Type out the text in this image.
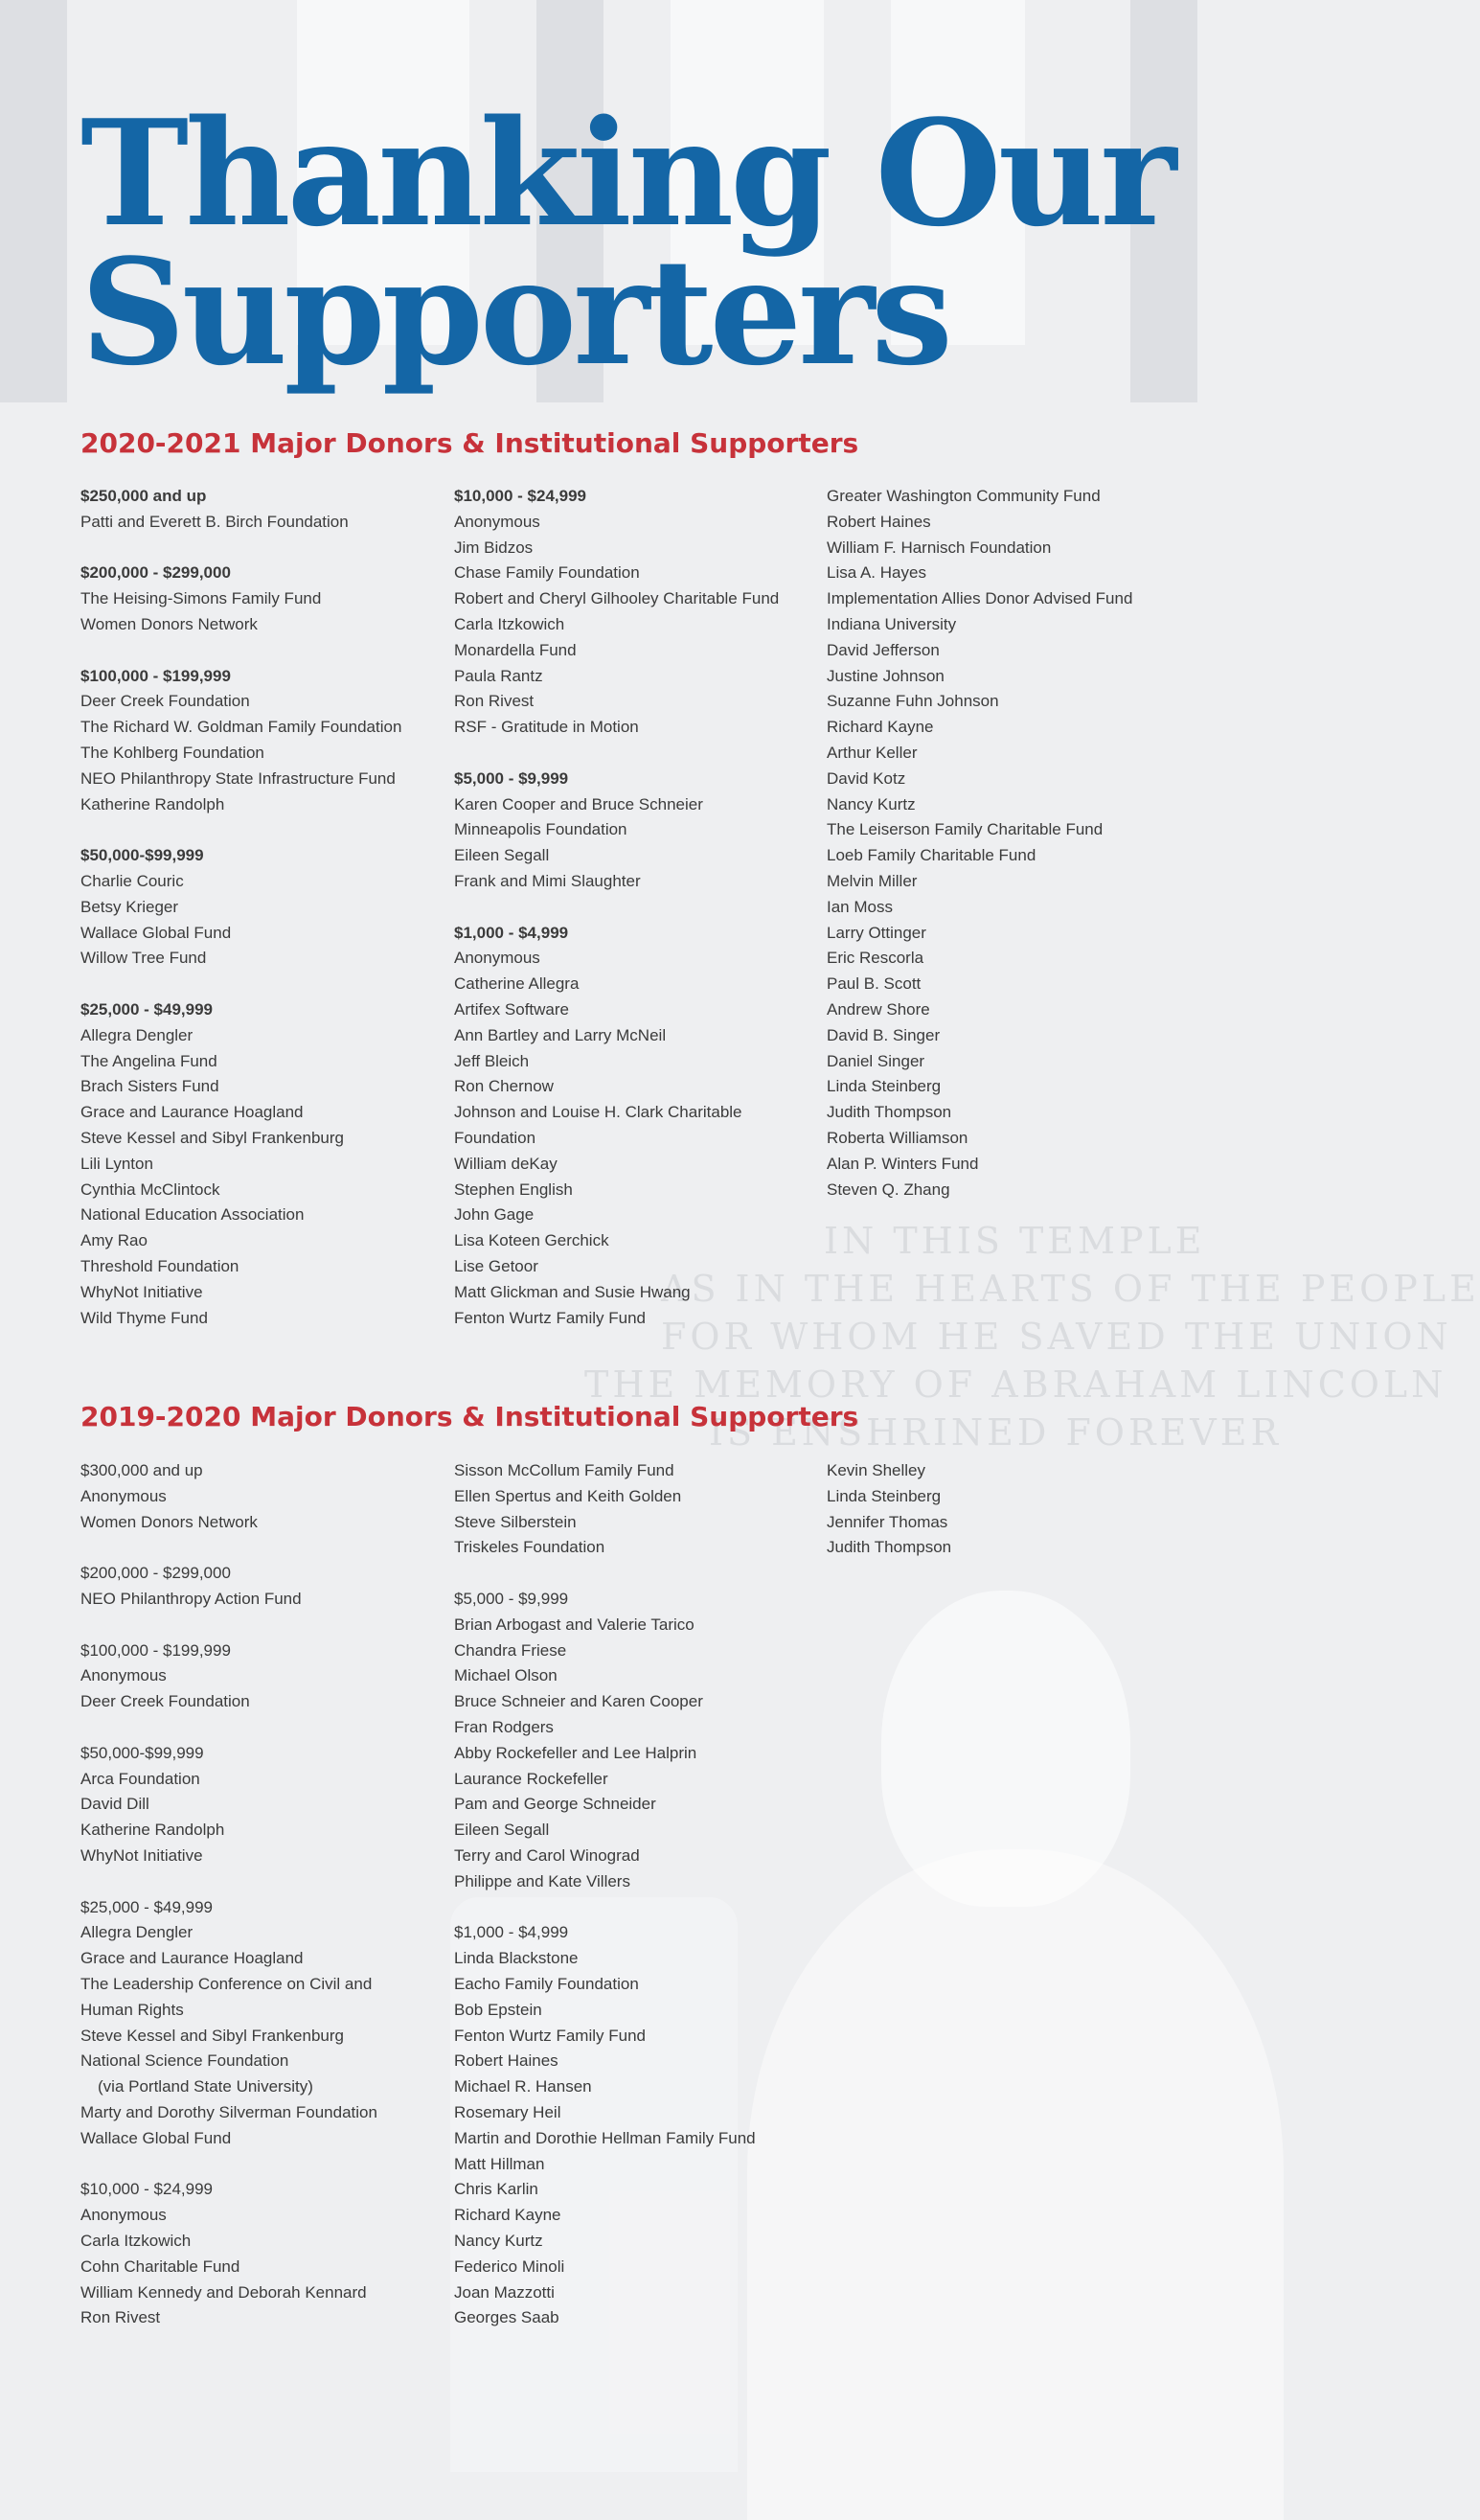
IN THIS TEMPLE
AS IN THE HEARTS OF THE PEOPLE
FOR WHOM HE SAVED THE UNION
THE MEMORY OF ABRAHAM LINCOLN
IS ENSHRINED FOREVER
Thanking Our
Supporters
2020-2021 Major Donors & Institutional Supporters
$250,000 and up
Patti and Everett B. Birch Foundation
$200,000 - $299,000
The Heising-Simons Family Fund
Women Donors Network
$100,000 - $199,999
Deer Creek Foundation
The Richard W. Goldman Family Foundation
The Kohlberg Foundation
NEO Philanthropy State Infrastructure Fund
Katherine Randolph
$50,000-$99,999
Charlie Couric
Betsy Krieger
Wallace Global Fund
Willow Tree Fund
$25,000 - $49,999
Allegra Dengler
The Angelina Fund
Brach Sisters Fund
Grace and Laurance Hoagland
Steve Kessel and Sibyl Frankenburg
Lili Lynton
Cynthia McClintock
National Education Association
Amy Rao
Threshold Foundation
WhyNot Initiative
Wild Thyme Fund
$10,000 - $24,999
Anonymous
Jim Bidzos
Chase Family Foundation
Robert and Cheryl Gilhooley Charitable Fund
Carla Itzkowich
Monardella Fund
Paula Rantz
Ron Rivest
RSF - Gratitude in Motion
$5,000 - $9,999
Karen Cooper and Bruce Schneier
Minneapolis Foundation
Eileen Segall
Frank and Mimi Slaughter
$1,000 - $4,999
Anonymous
Catherine Allegra
Artifex Software
Ann Bartley and Larry McNeil
Jeff Bleich
Ron Chernow
Johnson and Louise H. Clark Charitable
Foundation
William deKay
Stephen English
John Gage
Lisa Koteen Gerchick
Lise Getoor
Matt Glickman and Susie Hwang
Fenton Wurtz Family Fund
Greater Washington Community Fund
Robert Haines
William F. Harnisch Foundation
Lisa A. Hayes
Implementation Allies Donor Advised Fund
Indiana University
David Jefferson
Justine Johnson
Suzanne Fuhn Johnson
Richard Kayne
Arthur Keller
David Kotz
Nancy Kurtz
The Leiserson Family Charitable Fund
Loeb Family Charitable Fund
Melvin Miller
Ian Moss
Larry Ottinger
Eric Rescorla
Paul B. Scott
Andrew Shore
David B. Singer
Daniel Singer
Linda Steinberg
Judith Thompson
Roberta Williamson
Alan P. Winters Fund
Steven Q. Zhang
2019-2020 Major Donors & Institutional Supporters
$300,000 and up
Anonymous
Women Donors Network
$200,000 - $299,000
NEO Philanthropy Action Fund
$100,000 - $199,999
Anonymous
Deer Creek Foundation
$50,000-$99,999
Arca Foundation
David Dill
Katherine Randolph
WhyNot Initiative
$25,000 - $49,999
Allegra Dengler
Grace and Laurance Hoagland
The Leadership Conference on Civil and
Human Rights
Steve Kessel and Sibyl Frankenburg
National Science Foundation
(via Portland State University)
Marty and Dorothy Silverman Foundation
Wallace Global Fund
$10,000 - $24,999
Anonymous
Carla Itzkowich
Cohn Charitable Fund
William Kennedy and Deborah Kennard
Ron Rivest
Sisson McCollum Family Fund
Ellen Spertus and Keith Golden
Steve Silberstein
Triskeles Foundation
$5,000 - $9,999
Brian Arbogast and Valerie Tarico
Chandra Friese
Michael Olson
Bruce Schneier and Karen Cooper
Fran Rodgers
Abby Rockefeller and Lee Halprin
Laurance Rockefeller
Pam and George Schneider
Eileen Segall
Terry and Carol Winograd
Philippe and Kate Villers
$1,000 - $4,999
Linda Blackstone
Eacho Family Foundation
Bob Epstein
Fenton Wurtz Family Fund
Robert Haines
Michael R. Hansen
Rosemary Heil
Martin and Dorothie Hellman Family Fund
Matt Hillman
Chris Karlin
Richard Kayne
Nancy Kurtz
Federico Minoli
Joan Mazzotti
Georges Saab
Kevin Shelley
Linda Steinberg
Jennifer Thomas
Judith Thompson
